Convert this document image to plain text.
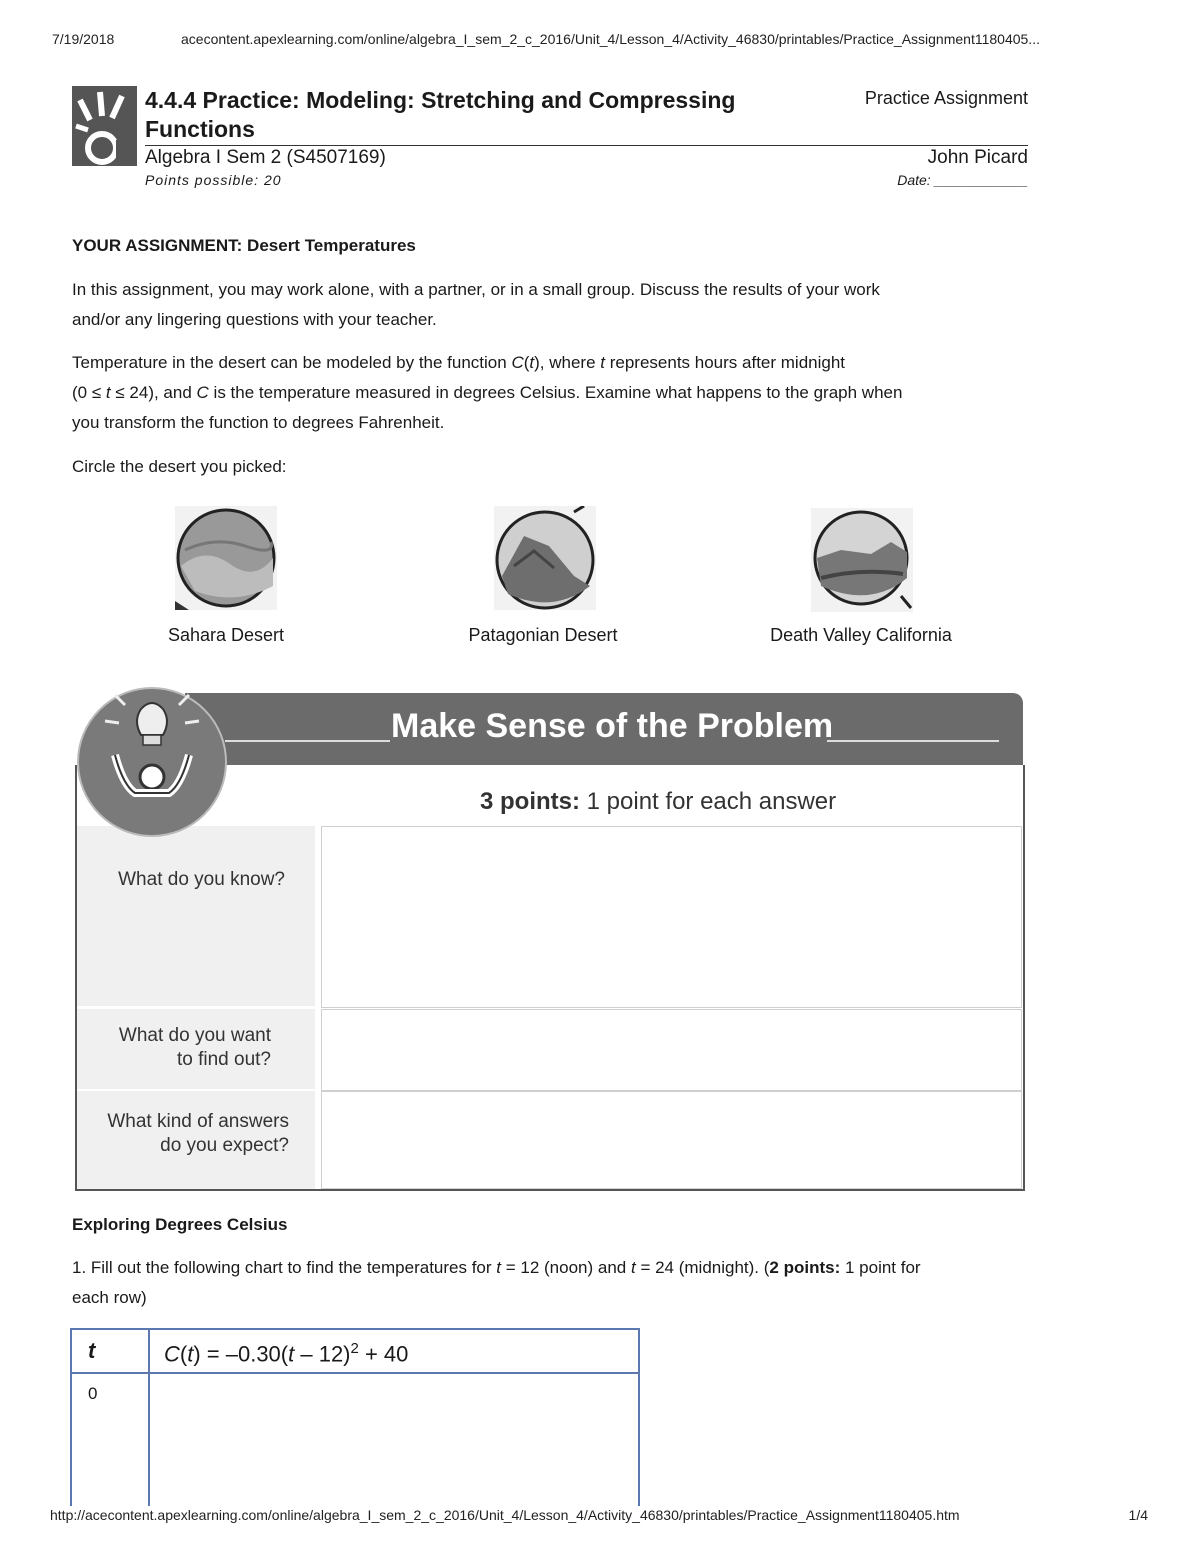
7/19/2018	acecontent.apexlearning.com/online/algebra_I_sem_2_c_2016/Unit_4/Lesson_4/Activity_46830/printables/Practice_Assignment1180405...
4.4.4 Practice: Modeling: Stretching and Compressing
Functions
Practice Assignment
Algebra I Sem 2 (S4507169)	John Picard
Points possible: 20	Date: ____________
YOUR ASSIGNMENT: Desert Temperatures
In this assignment, you may work alone, with a partner, or in a small group. Discuss the results of your work
and/or any lingering questions with your teacher.
Temperature in the desert can be modeled by the function C(t), where t represents hours after midnight
(0 ≤ t ≤ 24), and C is the temperature measured in degrees Celsius. Examine what happens to the graph when
you transform the function to degrees Fahrenheit.
Circle the desert you picked:
Sahara Desert	Patagonian Desert	Death Valley California
Make Sense of the Problem
3 points: 1 point for each answer
What do you know?
What do you want
to find out?
What kind of answers
do you expect?
Exploring Degrees Celsius
1. Fill out the following chart to find the temperatures for t = 12 (noon) and t = 24 (midnight). (2 points: 1 point for
each row)
t	C(t) = –0.30(t – 12)$^2$ + 40
0	
http://acecontent.apexlearning.com/online/algebra_I_sem_2_c_2016/Unit_4/Lesson_4/Activity_46830/printables/Practice_Assignment1180405.htm	1/4
